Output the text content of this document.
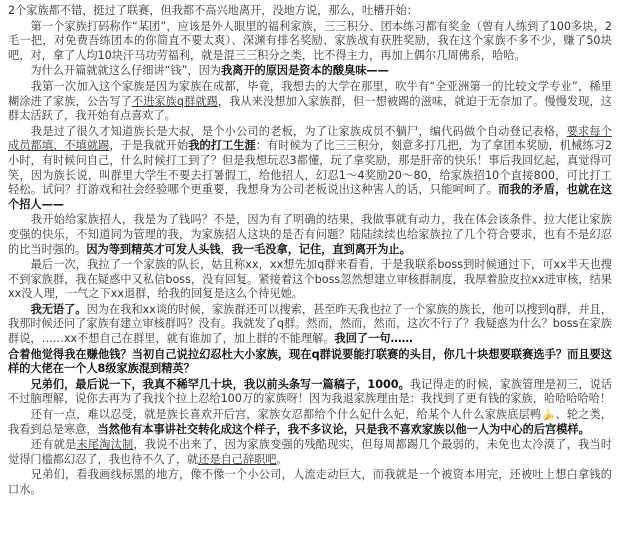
2个家族都不错，挺过了联赛，但我都不高兴地离开，没地方说，那么，吐槽开始：

　　第一个家族打码称作“某团”，应该是外人眼里的福利家族，三三积分、团本练习都有奖金（曾有人练到了100多块，2毛一把，对免费吾练团本的你简直不要太爽）、深渊有排名奖励、家族战有获胜奖励，我在这个家族不多不少，赚了50块吧，对，拿了人均10块汗马功劳福利，就是混三三积分之类，比不得主力，再加上偶尔几周佛系，哈哈。

　　为什么开篇就就这么仔细讲“钱”，因为我离开的原因是资本的酸臭味——

　　我第一次加入这个家族是因为家族在成都，毕竟，我想去的大学在那里，吹牛有“全亚洲第一的比较文学专业”，稀里糊涂进了家族，公告写了不进家族q群就踢，我从来没想加入家族群，但一想被踢的滋味，就迫于无奈加了。慢慢发现，这群太活跃了，我开始有点喜欢了。

　　我是过了很久才知道族长是大叔，是个小公司的老板，为了让家族成员不躺尸，编代码做个自动登记表格，要求每个成员都填、不填就踢，于是我就开始我的打工生涯：有时候为了比三三积分，刻意多打几把，为了拿团本奖励，机械练习2小时，有时候问自己，什么时候打工到了？但是我想玩忍3都懂，玩了拿奖励，那是肝帝的快乐！事后我回忆起，真觉得可笑，因为族长说，叫群里大学生不要去打暑假工，给他招人，幻忍1～4奖励20～80，给家族招10个直接800，可比打工轻松。试问？打游戏和社会经验哪个更重要，我想身为公司老板说出这种害人的话，只能呵呵了。而我的矛盾，也就在这个招人——

　　我开始给家族招人，我是为了钱吗？不是，因为有了明确的结果，我做事就有动力，我在体会该条件、拉大佬让家族变强的快乐，不知道同为管理的我，为家族招人这块的是否有问题？陆陆续续也给家族拉了几个符合要求，也有不是幻忍的比当时强的。因为等到精英才可发人头钱，我一毛没拿，记住，直到离开为止。

　　最后一次，我拉了一个家族的队长，姑且称xx，xx想先加q群来看看，于是我联系boss到时候通过下，可xx半天也搜不到家族群，我在疑惑中又私信boss，没有回复。紧接着这个boss忽然想建立审核群制度，我厚着脸皮拉xx进审核，结果xx没人理，一气之下xx退群，给我的回复是这么个待见她。

　　我无语了。因为在我和xx谈的时候，家族群还可以搜索，甚至昨天我也拉了一个家族的族长，他可以搜到q群，并且，我那时候还问了家族有建立审核群吗？没有。我就发了q群。然而，然而，然而，这次不行了？我疑惑为什么？boss在家族群说，……xx不想自己在群里，就有谁加了，加上群的不能理解。我回了一句……

合着他觉得我在赚他钱？当初自己说拉幻忍杜大小家族，现在q群说要能打联赛的头目，你几十块想要联赛选手？而且要这样的大佬在一个人8级家族混到精英？

　　兄弟们，最后说一下，我真不稀罕几十块，我以前头条写一篇稿子，1000。我记得走的时候，家族管理是初三，说话不过脑理解，说你去再为了我找个拉上忍给100万的家族呀！因为我退家族理由是：我找到了更有钱的家族，哈哈哈哈哈！

　　还有一点，难以忍受，就是族长喜欢开后宫，家族女忍都给个什么妃什么妃，给某个人什么家族底层鸭🍌、轮之类，我看到总是寒意，当然他有本事讲社交转化成这个样子，我不多议论，只是我不喜欢家族以他一人为中心的后宫模样。

　　还有就是末尾淘汰制，我说不出来了，因为家族变强的残酷现实，但每周都踢几个最弱的，未免也太冷漠了，我当时觉得门槛都幻忍了，我也待不久了，就还是自己辞职吧。

　　兄弟们，看我画线标黑的地方，像不像一个小公司，人流走动巨大，而我就是一个被资本用完，还被吐上想白拿钱的口水。
